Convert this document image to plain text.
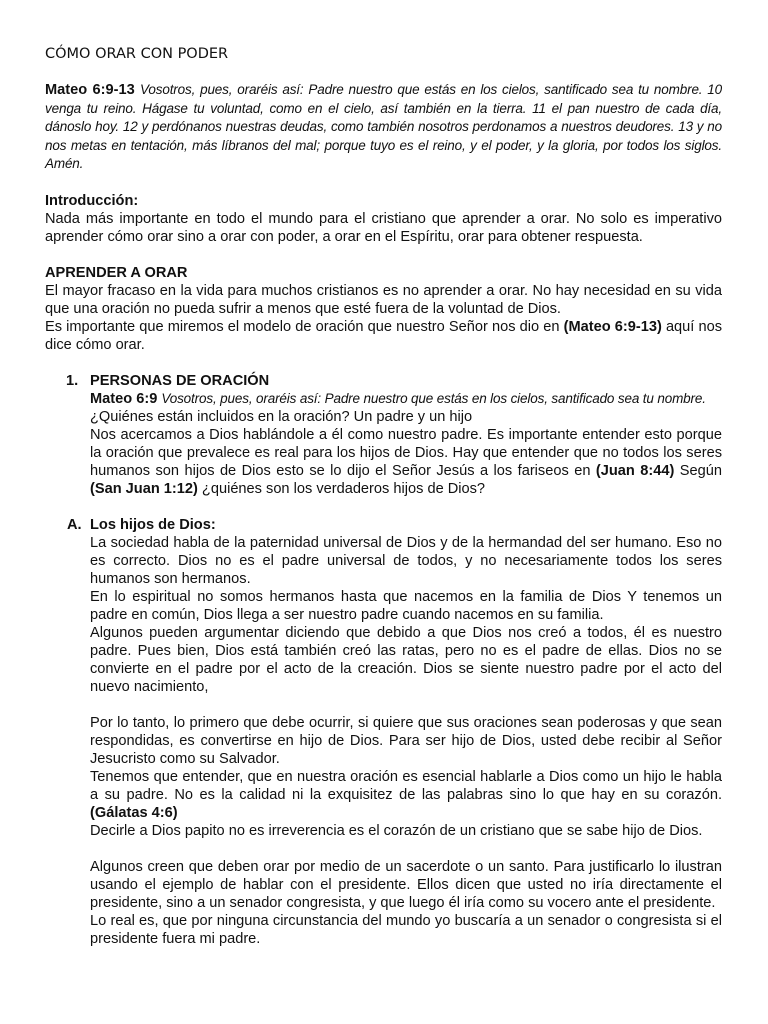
CÓMO ORAR CON PODER

Mateo 6:9-13 Vosotros, pues, oraréis así: Padre nuestro que estás en los cielos, santificado sea tu nombre. 10 venga tu reino. Hágase tu voluntad, como en el cielo, así también en la tierra. 11 el pan nuestro de cada día, dánoslo hoy. 12 y perdónanos nuestras deudas, como también nosotros perdonamos a nuestros deudores. 13 y no nos metas en tentación, más líbranos del mal; porque tuyo es el reino, y el poder, y la gloria, por todos los siglos. Amén.

Introducción:

Nada más importante en todo el mundo para el cristiano que aprender a orar. No solo es imperativo aprender cómo orar sino a orar con poder, a orar en el Espíritu, orar para obtener respuesta.

APRENDER A ORAR

El mayor fracaso en la vida para muchos cristianos es no aprender a orar. No hay necesidad en su vida que una oración no pueda sufrir a menos que esté fuera de la voluntad de Dios.

Es importante que miremos el modelo de oración que nuestro Señor nos dio en (Mateo 6:9-13) aquí nos dice cómo orar.

1. PERSONAS DE ORACIÓN

Mateo 6:9 Vosotros, pues, oraréis así: Padre nuestro que estás en los cielos, santificado sea tu nombre.

¿Quiénes están incluidos en la oración? Un padre y un hijo

Nos acercamos a Dios hablándole a él como nuestro padre. Es importante entender esto porque la oración que prevalece es real para los hijos de Dios. Hay que entender que no todos los seres humanos son hijos de Dios esto se lo dijo el Señor Jesús a los fariseos en (Juan 8:44) Según (San Juan 1:12) ¿quiénes son los verdaderos hijos de Dios?

A. Los hijos de Dios:

La sociedad habla de la paternidad universal de Dios y de la hermandad del ser humano. Eso no es correcto. Dios no es el padre universal de todos, y no necesariamente todos los seres humanos son hermanos.

En lo espiritual no somos hermanos hasta que nacemos en la familia de Dios Y tenemos un padre en común, Dios llega a ser nuestro padre cuando nacemos en su familia.

Algunos pueden argumentar diciendo que debido a que Dios nos creó a todos, él es nuestro padre. Pues bien, Dios está también creó las ratas, pero no es el padre de ellas. Dios no se convierte en el padre por el acto de la creación. Dios se siente nuestro padre por el acto del nuevo nacimiento,

Por lo tanto, lo primero que debe ocurrir, si quiere que sus oraciones sean poderosas y que sean respondidas, es convertirse en hijo de Dios. Para ser hijo de Dios, usted debe recibir al Señor Jesucristo como su Salvador.

Tenemos que entender, que en nuestra oración es esencial hablarle a Dios como un hijo le habla a su padre. No es la calidad ni la exquisitez de las palabras sino lo que hay en su corazón. (Gálatas 4:6)

Decirle a Dios papito no es irreverencia es el corazón de un cristiano que se sabe hijo de Dios.

Algunos creen que deben orar por medio de un sacerdote o un santo. Para justificarlo lo ilustran usando el ejemplo de hablar con el presidente. Ellos dicen que usted no iría directamente el presidente, sino a un senador congresista, y que luego él iría como su vocero ante el presidente.

Lo real es, que por ninguna circunstancia del mundo yo buscaría a un senador o congresista si el presidente fuera mi padre.
